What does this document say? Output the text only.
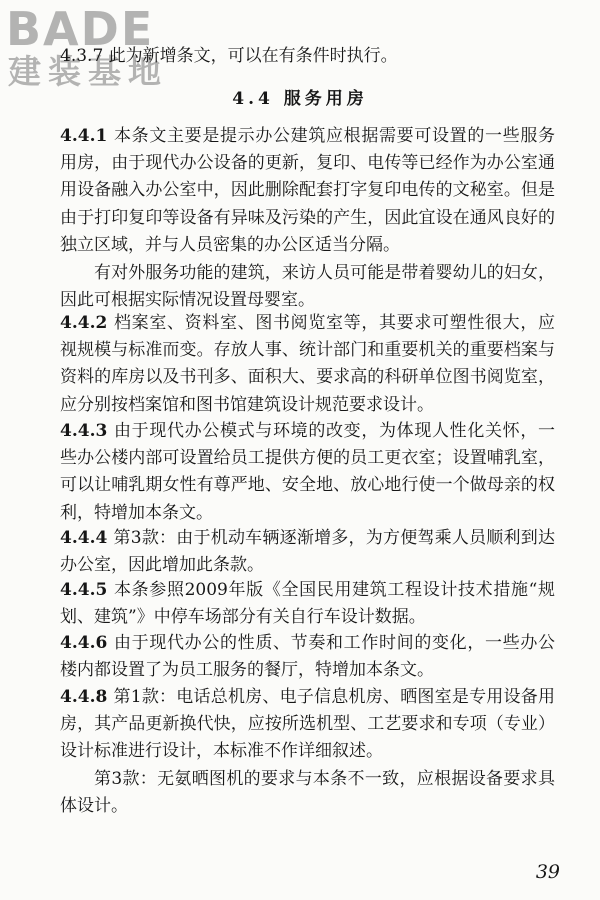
BADE
建装基地
4.3.7 此为新增条文，可以在有条件时执行。
4.4 服务用房
4.4.1 本条文主要是提示办公建筑应根据需要可设置的一些服务用房，由于现代办公设备的更新，复印、电传等已经作为办公室通用设备融入办公室中，因此删除配套打字复印电传的文秘室。但是由于打印复印等设备有异味及污染的产生，因此宜设在通风良好的独立区域，并与人员密集的办公区适当分隔。
有对外服务功能的建筑，来访人员可能是带着婴幼儿的妇女，因此可根据实际情况设置母婴室。
4.4.2 档案室、资料室、图书阅览室等，其要求可塑性很大，应视规模与标准而变。存放人事、统计部门和重要机关的重要档案与资料的库房以及书刊多、面积大、要求高的科研单位图书阅览室，应分别按档案馆和图书馆建筑设计规范要求设计。
4.4.3 由于现代办公模式与环境的改变，为体现人性化关怀，一些办公楼内部可设置给员工提供方便的员工更衣室；设置哺乳室，可以让哺乳期女性有尊严地、安全地、放心地行使一个做母亲的权利，特增加本条文。
4.4.4 第3款：由于机动车辆逐渐增多，为方便驾乘人员顺利到达办公室，因此增加此条款。
4.4.5 本条参照2009年版《全国民用建筑工程设计技术措施“规划、建筑”》中停车场部分有关自行车设计数据。
4.4.6 由于现代办公的性质、节奏和工作时间的变化，一些办公楼内都设置了为员工服务的餐厅，特增加本条文。
4.4.8 第1款：电话总机房、电子信息机房、晒图室是专用设备用房，其产品更新换代快，应按所选机型、工艺要求和专项（专业）设计标准进行设计，本标准不作详细叙述。
第3款：无氨晒图机的要求与本条不一致，应根据设备要求具体设计。
39
